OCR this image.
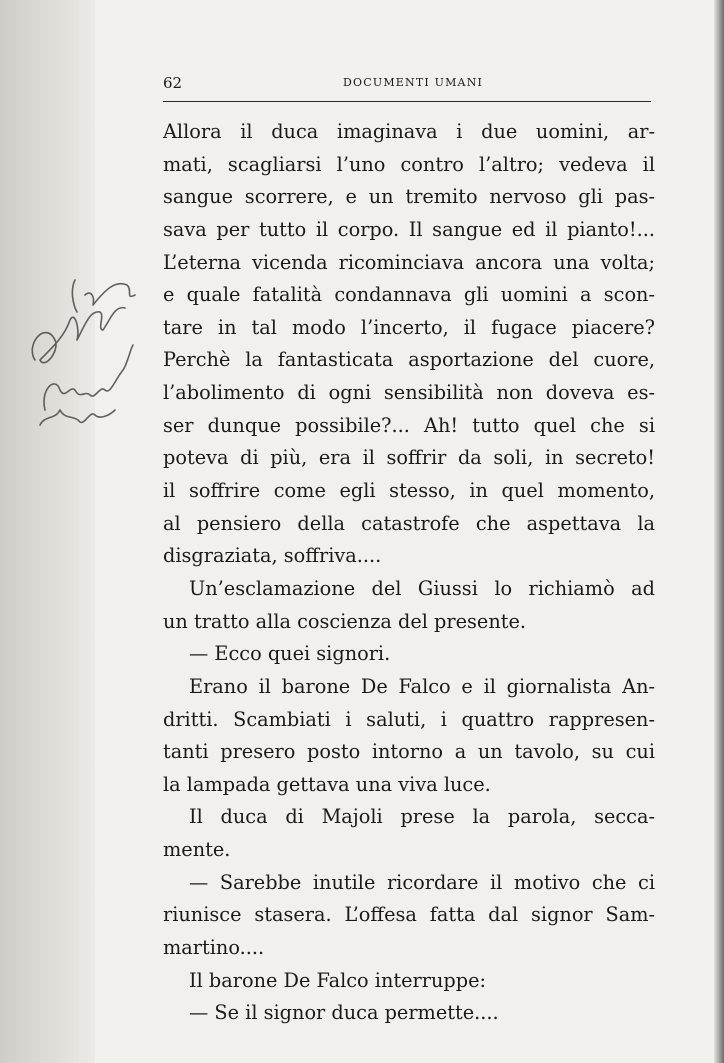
62	DOCUMENTI UMANI
Allora il duca imaginava i due uomini, ar-
mati, scagliarsi l’uno contro l’altro; vedeva il
sangue scorrere, e un tremito nervoso gli pas-
sava per tutto il corpo. Il sangue ed il pianto!...
L’eterna vicenda ricominciava ancora una volta;
e quale fatalità condannava gli uomini a scon-
tare in tal modo l’incerto, il fugace piacere?
Perchè la fantasticata asportazione del cuore,
l’abolimento di ogni sensibilità non doveva es-
ser dunque possibile?... Ah! tutto quel che si
poteva di più, era il soffrir da soli, in secreto!
il soffrire come egli stesso, in quel momento,
al pensiero della catastrofe che aspettava la
disgraziata, soffriva....
Un’esclamazione del Giussi lo richiamò ad
un tratto alla coscienza del presente.
— Ecco quei signori.
Erano il barone De Falco e il giornalista An-
dritti. Scambiati i saluti, i quattro rappresen-
tanti presero posto intorno a un tavolo, su cui
la lampada gettava una viva luce.
Il duca di Majoli prese la parola, secca-
mente.
— Sarebbe inutile ricordare il motivo che ci
riunisce stasera. L’offesa fatta dal signor Sam-
martino....
Il barone De Falco interruppe:
— Se il signor duca permette....
